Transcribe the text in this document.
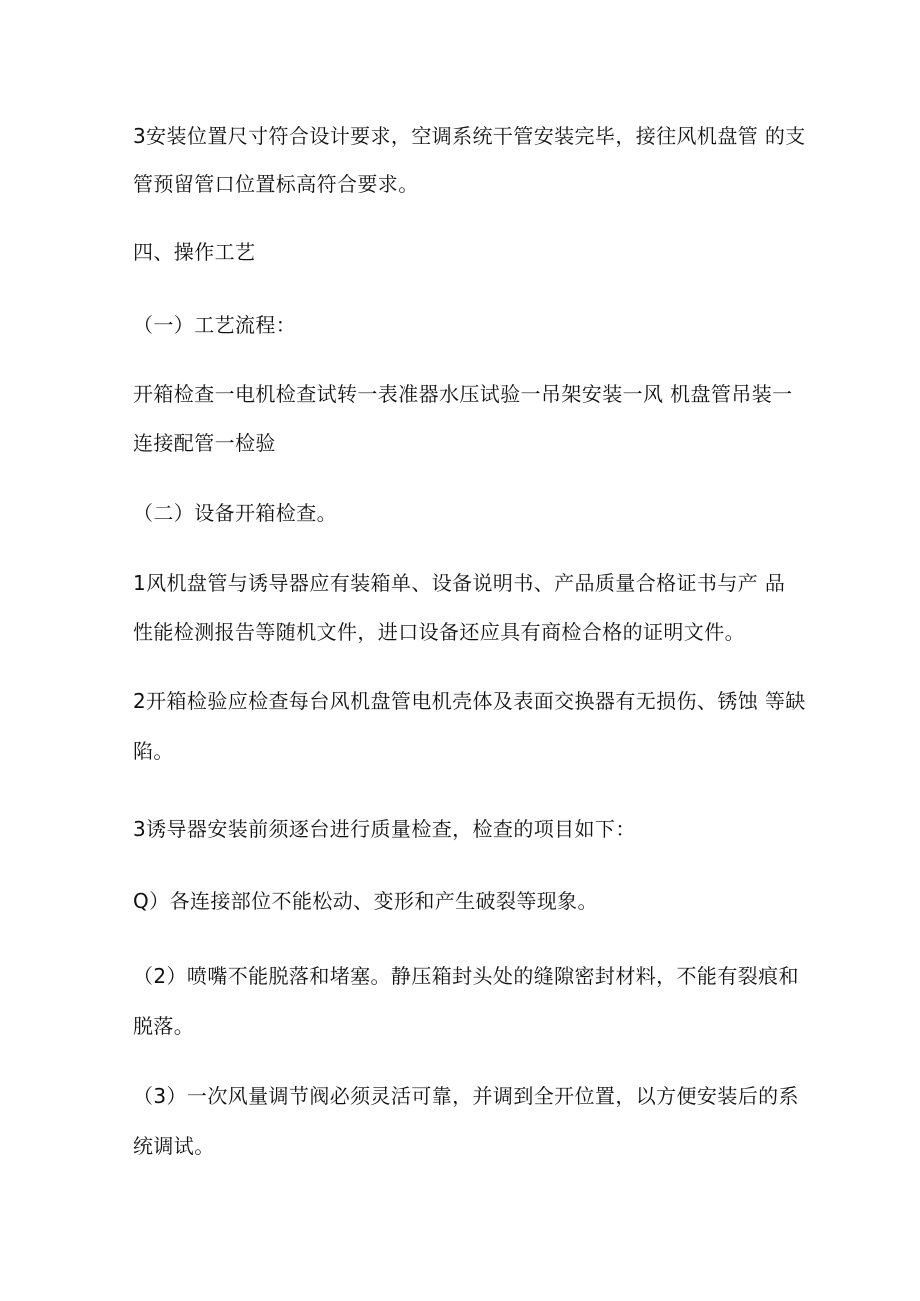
3安装位置尺寸符合设计要求，空调系统干管安装完毕，接往风机盘管 的支
管预留管口位置标高符合要求。
四、操作工艺
（一）工艺流程：
开箱检查一电机检查试转一表准器水压试验一吊架安装一风 机盘管吊装一
连接配管一检验
（二）设备开箱检查。
1风机盘管与诱导器应有装箱单、设备说明书、产品质量合格证书与产 品
性能检测报告等随机文件，进口设备还应具有商检合格的证明文件。
2开箱检验应检查每台风机盘管电机壳体及表面交换器有无损伤、锈蚀 等缺
陷。
3诱导器安装前须逐台进行质量检查，检查的项目如下：
Q）各连接部位不能松动、变形和产生破裂等现象。
（2）喷嘴不能脱落和堵塞。静压箱封头处的缝隙密封材料，不能有裂痕和
脱落。
（3）一次风量调节阀必须灵活可靠，并调到全开位置，以方便安装后的系
统调试。
